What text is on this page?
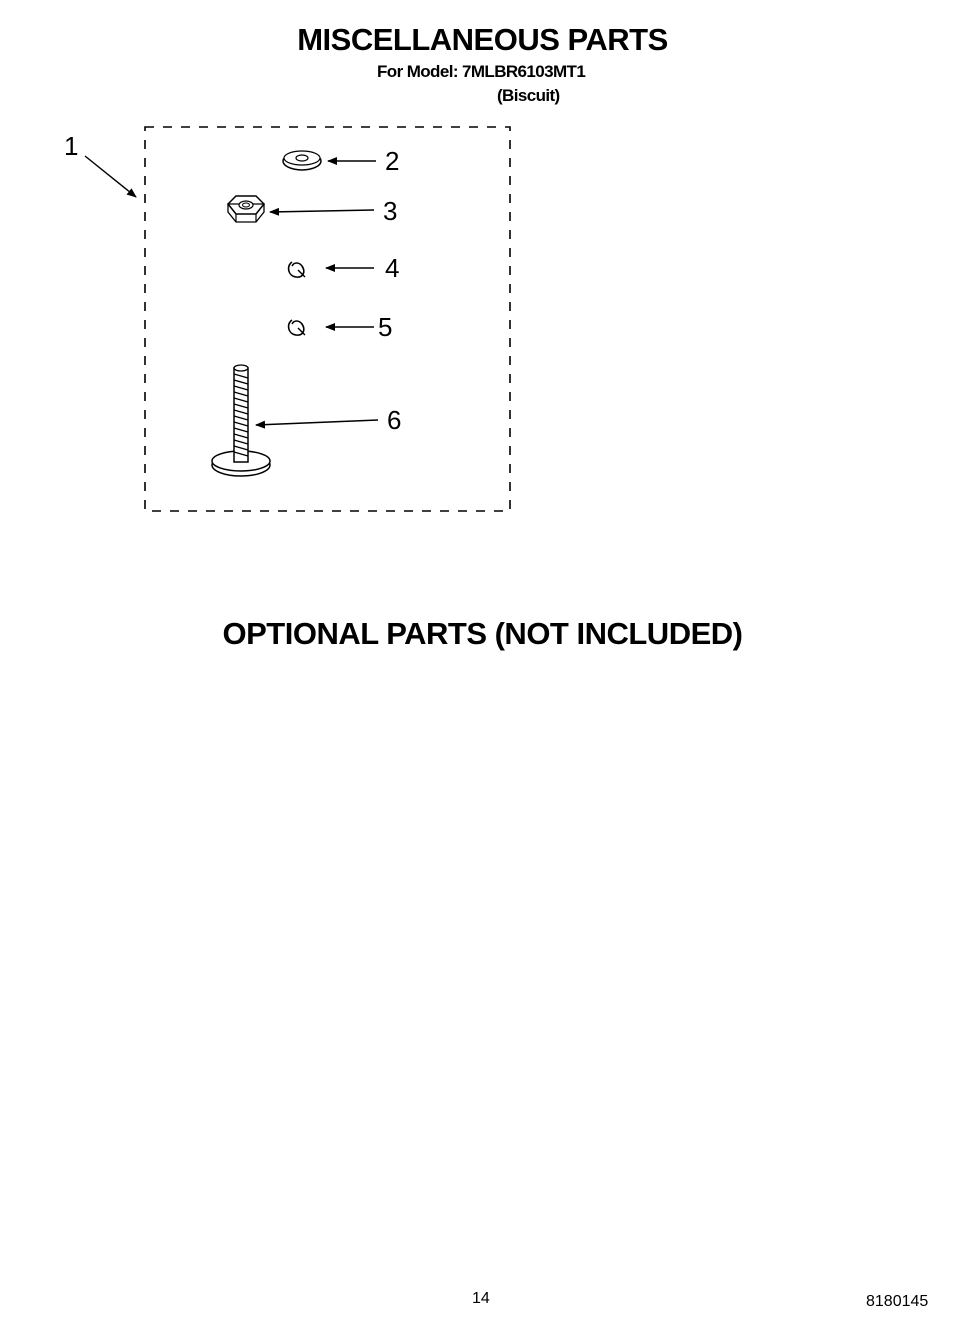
MISCELLANEOUS PARTS
For Model: 7MLBR6103MT1
(Biscuit)
1	2
3
4
5
6
OPTIONAL PARTS (NOT INCLUDED)
14	8180145
